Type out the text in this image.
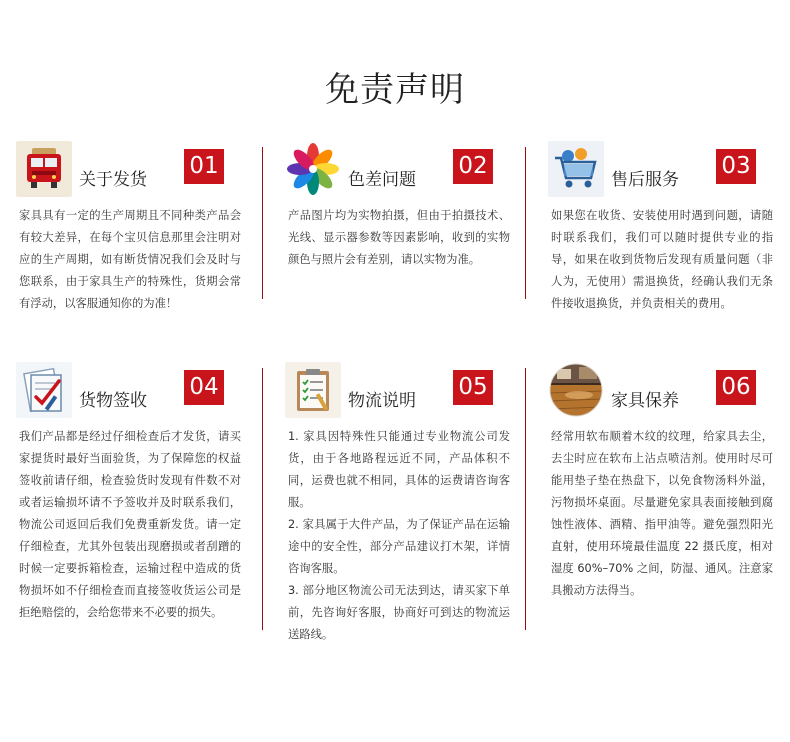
免责声明
关于发货
01

家具具有一定的生产周期且不同种类产品会有较大差异，在每个宝贝信息那里会注明对应的生产周期，如有断货情况我们会及时与您联系，由于家具生产的特殊性，货期会常有浮动，以客服通知你的为准！

色差问题
02

产品图片均为实物拍摄，但由于拍摄技术、光线、显示器参数等因素影响，收到的实物颜色与照片会有差别，请以实物为准。

售后服务
03

如果您在收货、安装使用时遇到问题，请随时联系我们，我们可以随时提供专业的指导，如果在收到货物后发现有质量问题（非人为，无使用）需退换货，经确认我们无条件接收退换货，并负责相关的费用。

货物签收
04

我们产品都是经过仔细检查后才发货，请买家提货时最好当面验货，为了保障您的权益签收前请仔细，检查验货时发现有件数不对或者运输损坏请不予签收并及时联系我们，物流公司返回后我们免费重新发货。请一定仔细检查，尤其外包装出现磨损或者刮蹭的时候一定要拆箱检查，运输过程中造成的货物损坏如不仔细检查而直接签收货运公司是拒绝赔偿的，会给您带来不必要的损失。

物流说明
05

1. 家具因特殊性只能通过专业物流公司发货，由于各地路程远近不同，产品体积不同，运费也就不相同，具体的运费请咨询客服。

2. 家具属于大件产品，为了保证产品在运输途中的安全性，部分产品建议打木架，详情咨询客服。

3. 部分地区物流公司无法到达，请买家下单前，先咨询好客服，协商好可到达的物流运送路线。

家具保养
06

经常用软布顺着木纹的纹理，给家具去尘，去尘时应在软布上沾点喷洁剂。使用时尽可能用垫子垫在热盘下，以免食物汤料外溢，污物损坏桌面。尽量避免家具表面接触到腐蚀性液体、酒精、指甲油等。避免强烈阳光直射，使用环境最佳温度 22 摄氏度，相对湿度 60%–70% 之间，防湿、通风。注意家具搬动方法得当。
